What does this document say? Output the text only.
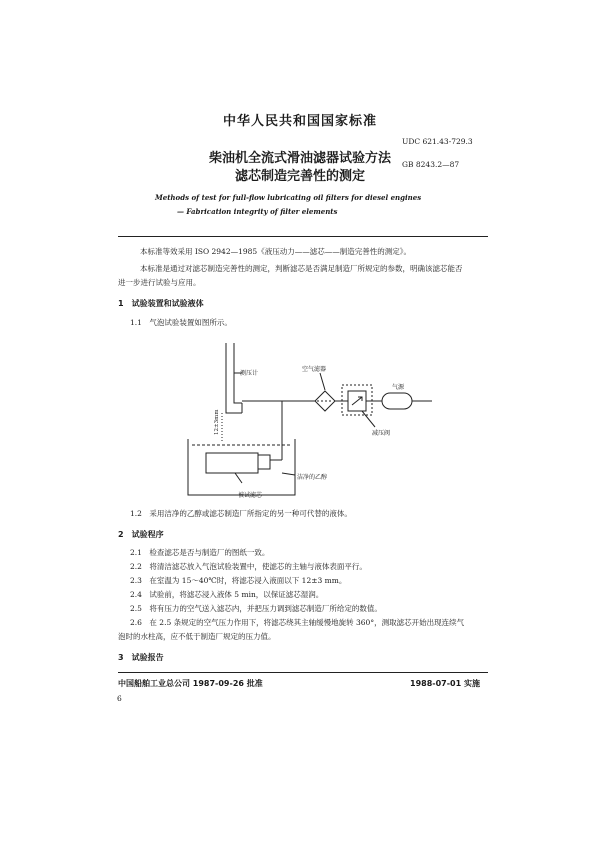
中华人民共和国国家标准
UDC 621.43-729.3
柴油机全流式滑油滤器试验方法
滤芯制造完善性的测定
GB 8243.2—87
Methods of test for full-flow lubricating oil filters for diesel engines
— Fabrication integrity of filter elements
本标准等效采用 ISO 2942—1985《液压动力——滤芯——制造完善性的测定》。
本标准是通过对滤芯制造完善性的测定，判断滤芯是否满足制造厂所规定的参数，明确该滤芯能否
进一步进行试验与应用。
1　试验装置和试验液体
1.1　气泡试验装置如图所示。
测压计
空气滤器
气源
减压阀
洁净的乙醇
被试滤芯
12±3mm
1.2　采用洁净的乙醇或滤芯制造厂所指定的另一种可代替的液体。
2　试验程序
2.1　检查滤芯是否与制造厂的图纸一致。
2.2　将清洁滤芯放入气泡试验装置中，使滤芯的主轴与液体表面平行。
2.3　在室温为 15～40℃时，将滤芯浸入液面以下 12±3 mm。
2.4　试验前，将滤芯浸入液体 5 min，以保证滤芯湿润。
2.5　将有压力的空气送入滤芯内，并把压力调到滤芯制造厂所给定的数值。
2.6　在 2.5 条规定的空气压力作用下，将滤芯绕其主轴缓慢地旋转 360°，测取滤芯开始出现连续气
泡时的水柱高，应不低于制造厂规定的压力值。
3　试验报告
中国船舶工业总公司 1987-09-26 批准	1988-07-01 实施
6
